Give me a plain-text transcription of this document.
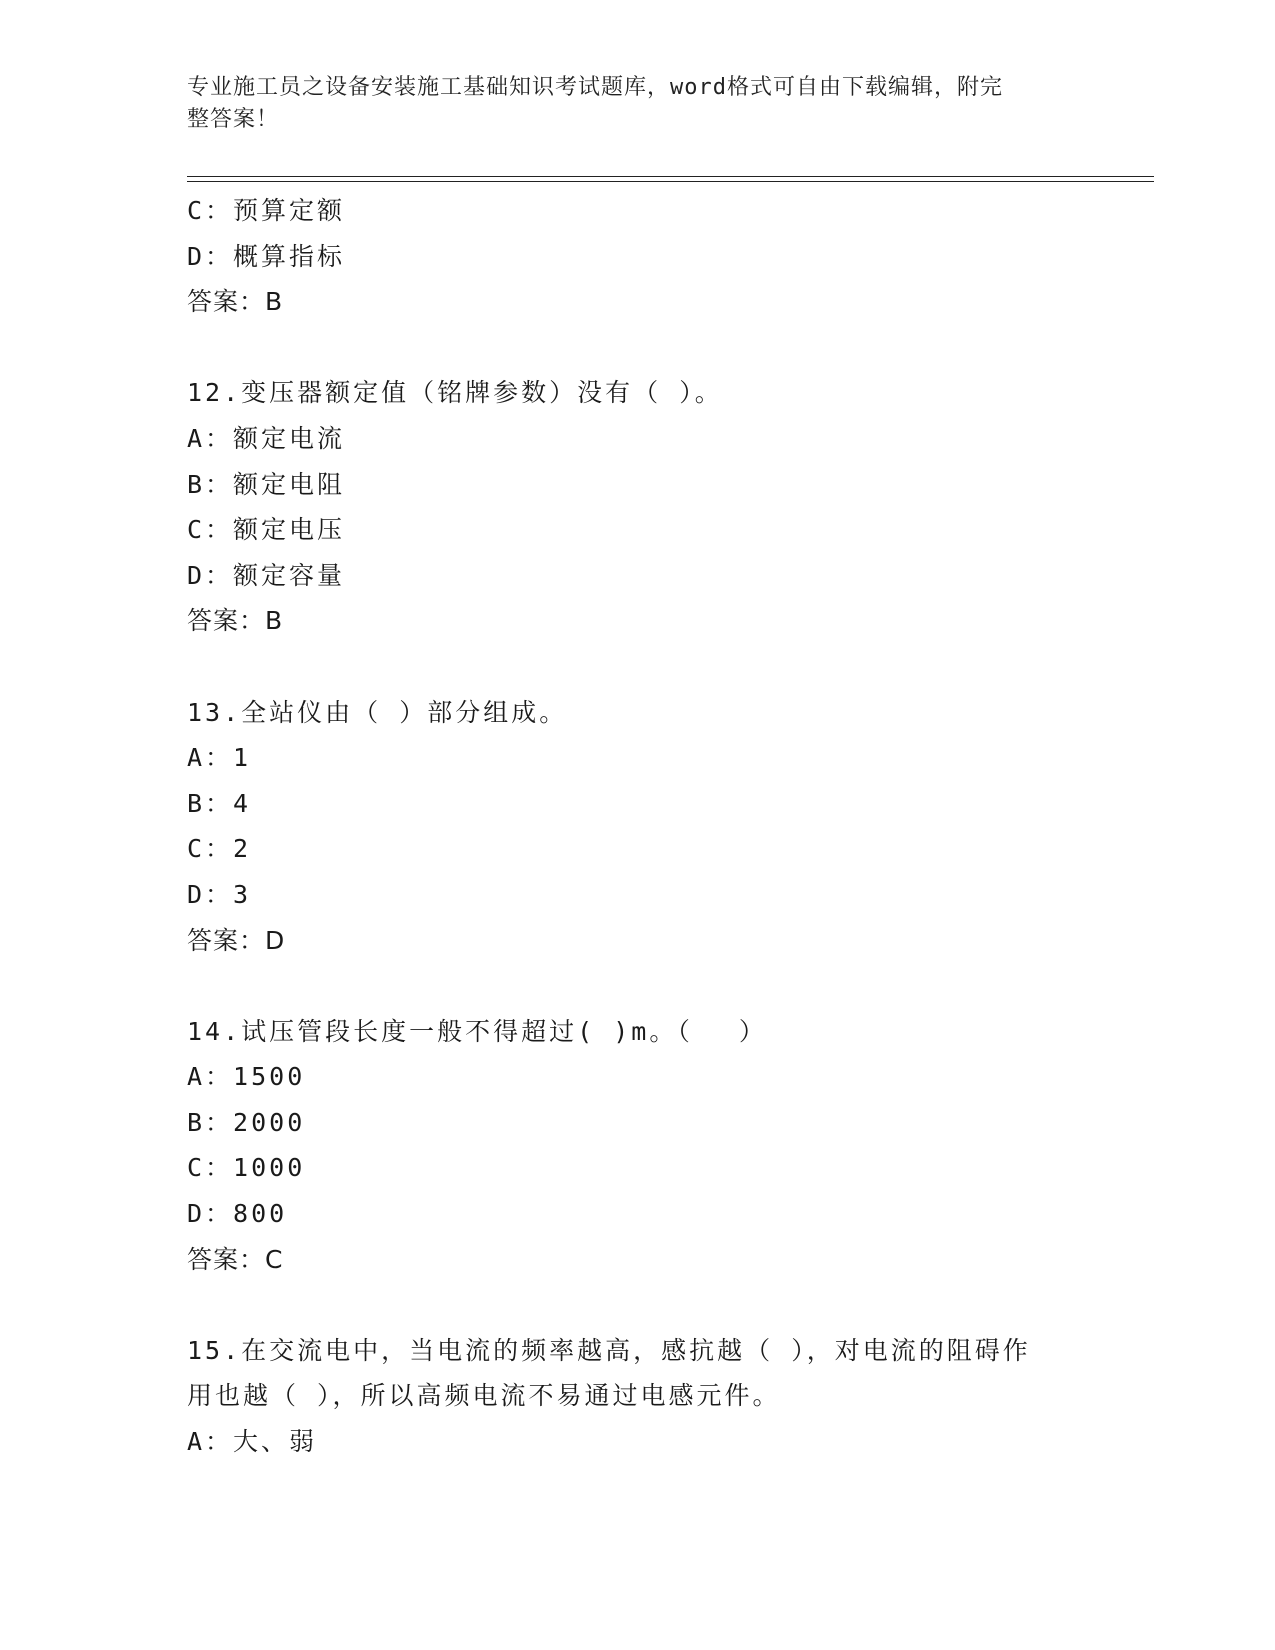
专业施工员之设备安装施工基础知识考试题库，word格式可自由下载编辑，附完
整答案！
C：预算定额
D：概算指标
答案：B
12.变压器额定值（铭牌参数）没有（ ）。
A：额定电流
B：额定电阻
C：额定电压
D：额定容量
答案：B
13.全站仪由（ ）部分组成。
A：1
B：4
C：2
D：3
答案：D
14.试压管段长度一般不得超过( )m。（　 ）
A：1500
B：2000
C：1000
D：800
答案：C
15.在交流电中，当电流的频率越高，感抗越（ ），对电流的阻碍作
用也越（ ），所以高频电流不易通过电感元件。
A：大、弱
